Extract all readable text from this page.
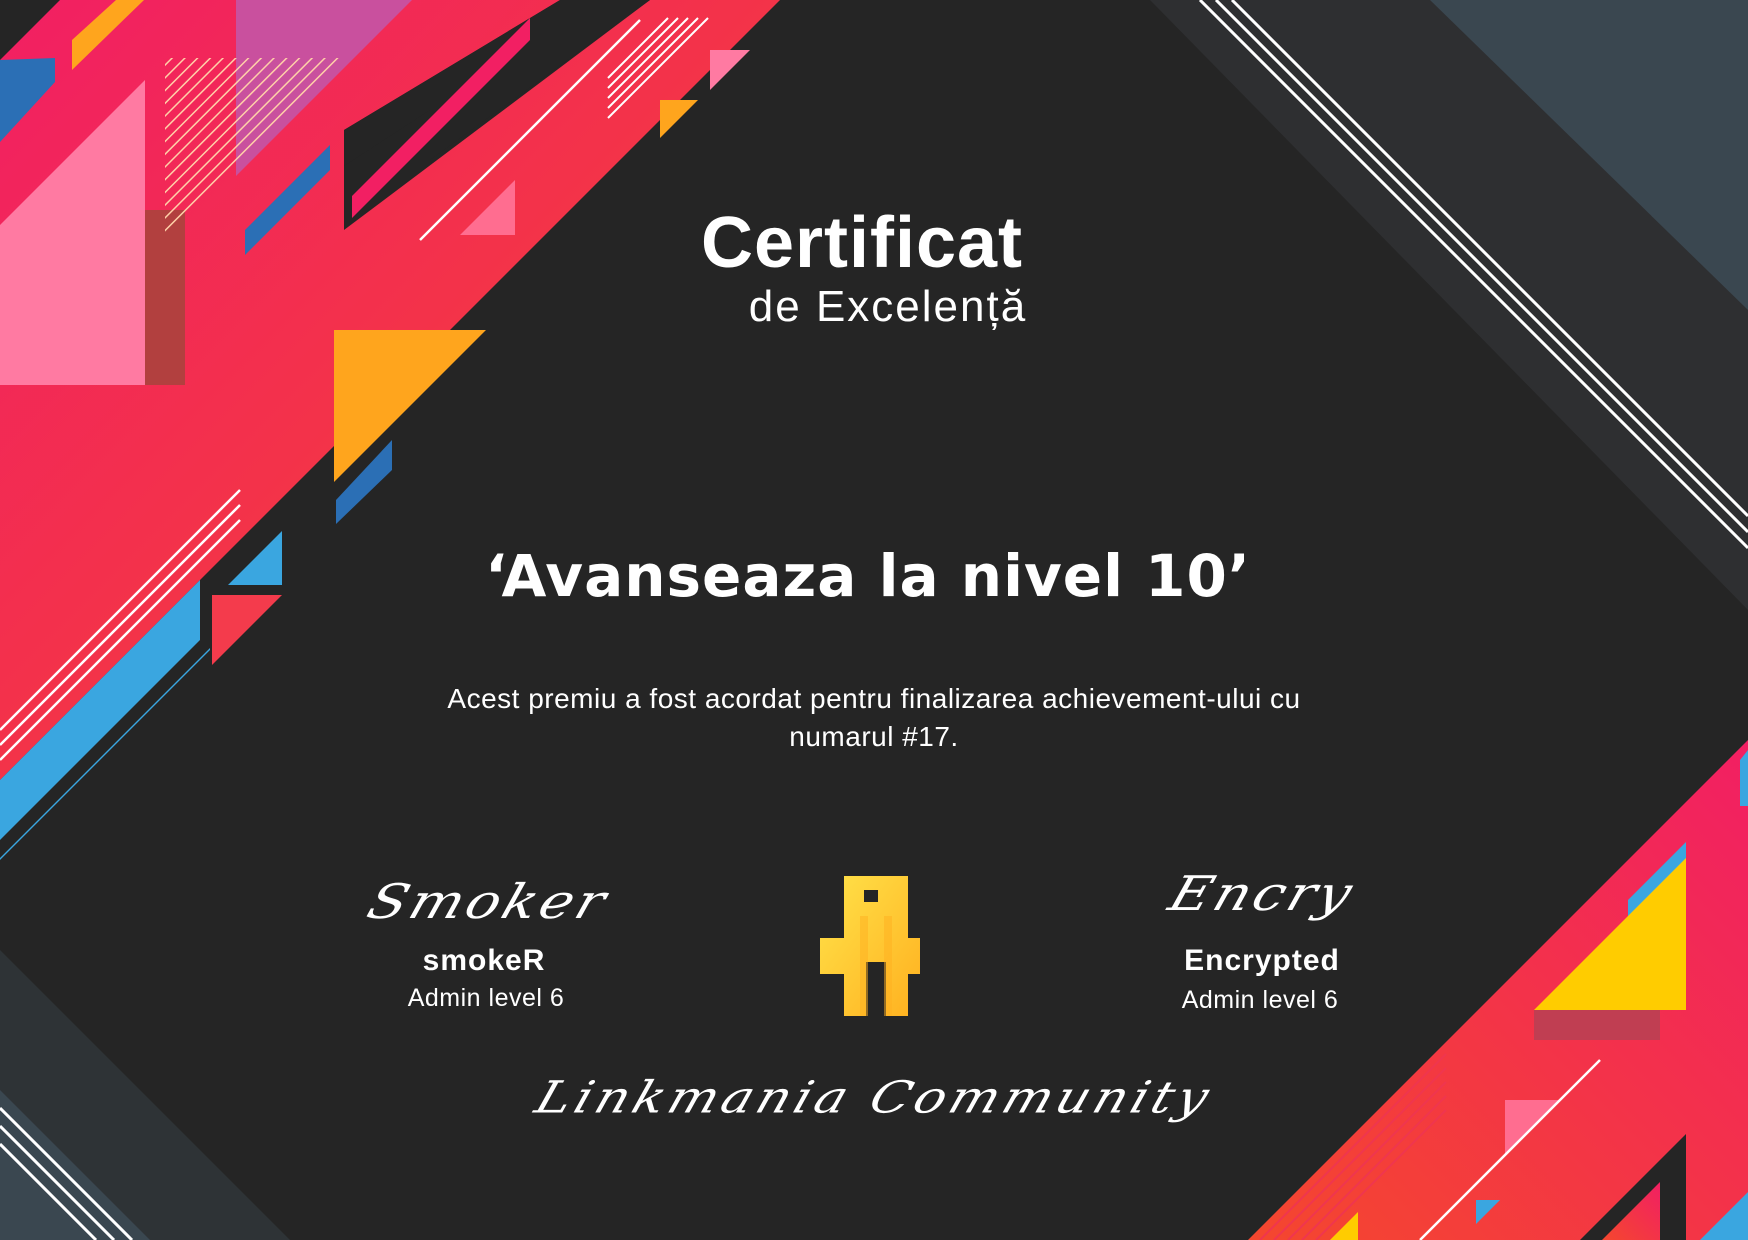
Certificat
de Excelență
‘Avanseaza la nivel 10’
Acest premiu a fost acordat pentru finalizarea achievement-ului cu numarul #17.
Smoker
smokeR
Admin level 6
Encry
Encrypted
Admin level 6
Linkmania Community
